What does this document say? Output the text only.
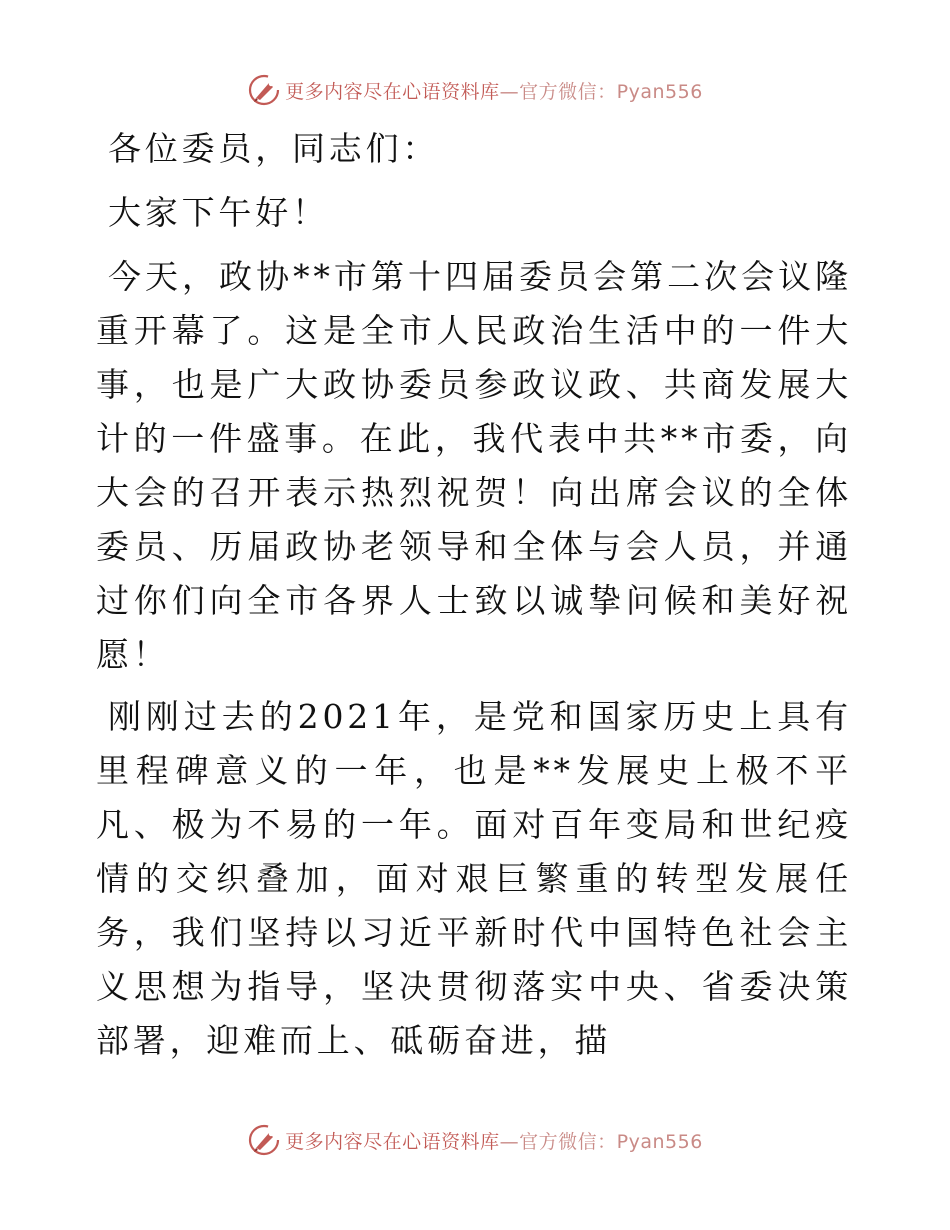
更多内容尽在心语资料库—官方微信：Pyan556

各位委员，同志们：

大家下午好！

今天，政协**市第十四届委员会第二次会议隆重开幕了。这是全市人民政治生活中的一件大事，也是广大政协委员参政议政、共商发展大计的一件盛事。在此，我代表中共**市委，向大会的召开表示热烈祝贺！向出席会议的全体委员、历届政协老领导和全体与会人员，并通过你们向全市各界人士致以诚挚问候和美好祝愿！

刚刚过去的2021年，是党和国家历史上具有里程碑意义的一年，也是**发展史上极不平凡、极为不易的一年。面对百年变局和世纪疫情的交织叠加，面对艰巨繁重的转型发展任务，我们坚持以习近平新时代中国特色社会主义思想为指导，坚决贯彻落实中央、省委决策部署，迎难而上、砥砺奋进，描

更多内容尽在心语资料库—官方微信：Pyan556
